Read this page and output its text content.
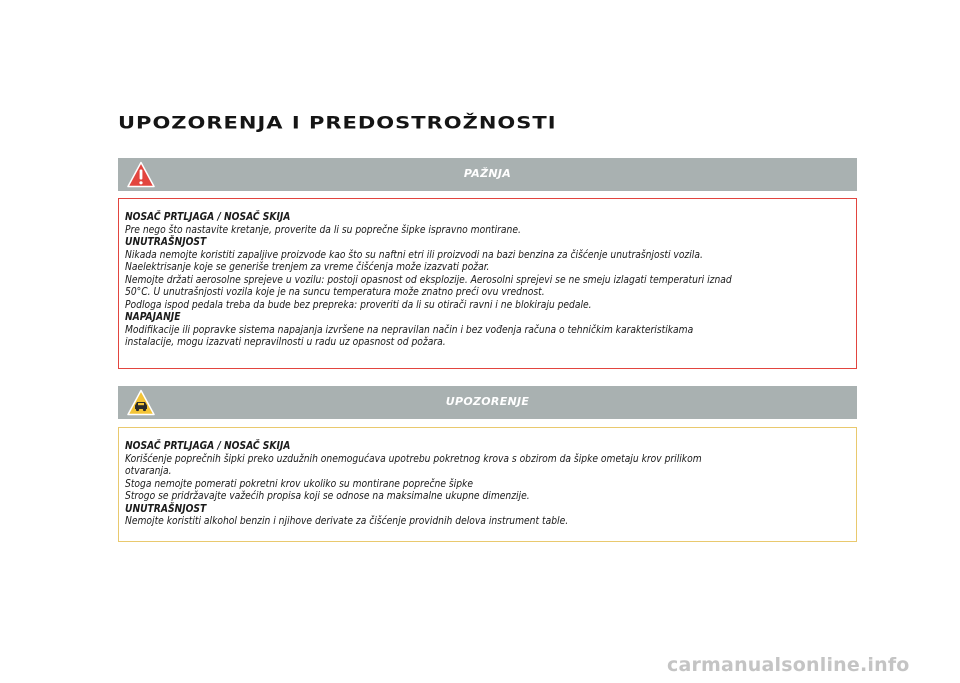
UPOZORENJA I PREDOSTROŽNOSTI
PAŽNJA
NOSAČ PRTLJAGA / NOSAČ SKIJA
Pre nego što nastavite kretanje, proverite da li su poprečne šipke ispravno montirane.
UNUTRAŠNJOST
Nikada nemojte koristiti zapaljive proizvode kao što su naftni etri ili proizvodi na bazi benzina za čišćenje unutrašnjosti vozila.
Naelektrisanje koje se generiše trenjem za vreme čišćenja može izazvati požar.
Nemojte držati aerosolne spreјeve u vozilu: postoji opasnost od eksplozije. Aerosolni spreјevi se ne smeju izlagati temperaturi iznad
50°C. U unutrašnjosti vozila koje je na suncu temperatura može znatno preći ovu vrednost.
Podloga ispod pedala treba da bude bez prepreka: proveriti da li su otirači ravni i ne blokiraju pedale.
NAPAJANJE
Modifikacije ili popravke sistema napajanja izvršene na nepravilan način i bez vođenja računa o tehničkim karakteristikama
instalacije, mogu izazvati nepravilnosti u radu uz opasnost od požara.
UPOZORENJE
NOSAČ PRTLJAGA / NOSAČ SKIJA
Korišćenje poprečnih šipki preko uzdužnih onemogućava upotrebu pokretnog krova s obzirom da šipke ometaju krov prilikom
otvaranja.
Stoga nemojte pomerati pokretni krov ukoliko su montirane poprečne šipke
Strogo se pridržavajte važećih propisa koji se odnose na maksimalne ukupne dimenzije.
UNUTRAŠNJOST
Nemojte koristiti alkohol benzin i njihove derivate za čišćenje providnih delova instrument table.
carmanualsonline.info
